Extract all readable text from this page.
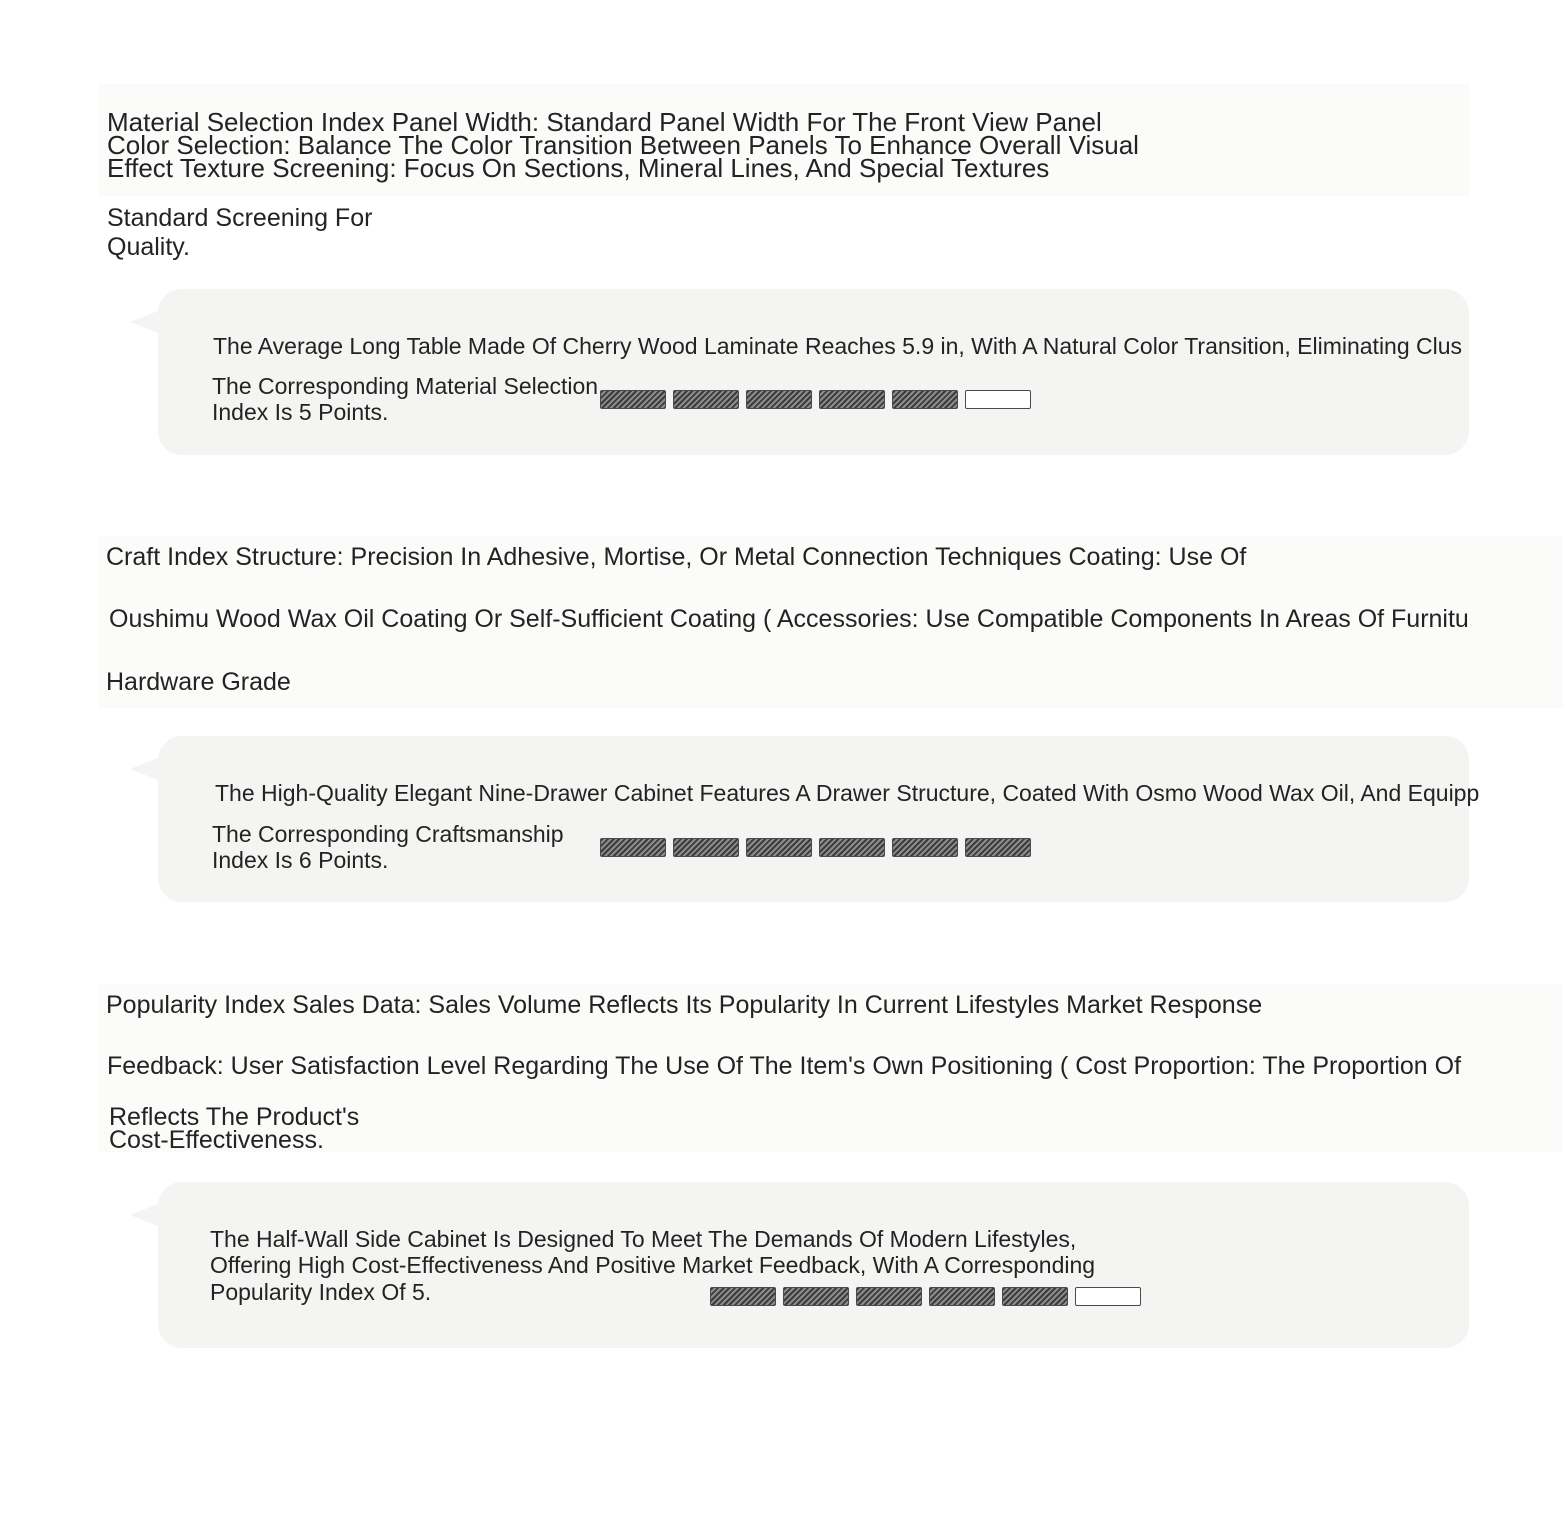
Material Selection Index Panel Width: Standard Panel Width For The Front View Panel

Color Selection: Balance The Color Transition Between Panels To Enhance Overall Visual

Effect Texture Screening: Focus On Sections, Mineral Lines, And Special Textures

Standard Screening For

Quality.

The Average Long Table Made Of Cherry Wood Laminate Reaches 5.9 in, With A Natural Color Transition, Eliminating Clus

The Corresponding Material Selection

Index Is 5 Points.

Craft Index Structure: Precision In Adhesive, Mortise, Or Metal Connection Techniques Coating: Use Of

Oushimu Wood Wax Oil Coating Or Self-Sufficient Coating ( Accessories: Use Compatible Components In Areas Of Furnitu

Hardware Grade

The High-Quality Elegant Nine-Drawer Cabinet Features A Drawer Structure, Coated With Osmo Wood Wax Oil, And Equipp

The Corresponding Craftsmanship

Index Is 6 Points.

Popularity Index Sales Data: Sales Volume Reflects Its Popularity In Current Lifestyles Market Response

Feedback: User Satisfaction Level Regarding The Use Of The Item's Own Positioning ( Cost Proportion: The Proportion Of

Reflects The Product's

Cost-Effectiveness.

The Half-Wall Side Cabinet Is Designed To Meet The Demands Of Modern Lifestyles,

Offering High Cost-Effectiveness And Positive Market Feedback, With A Corresponding

Popularity Index Of 5.
